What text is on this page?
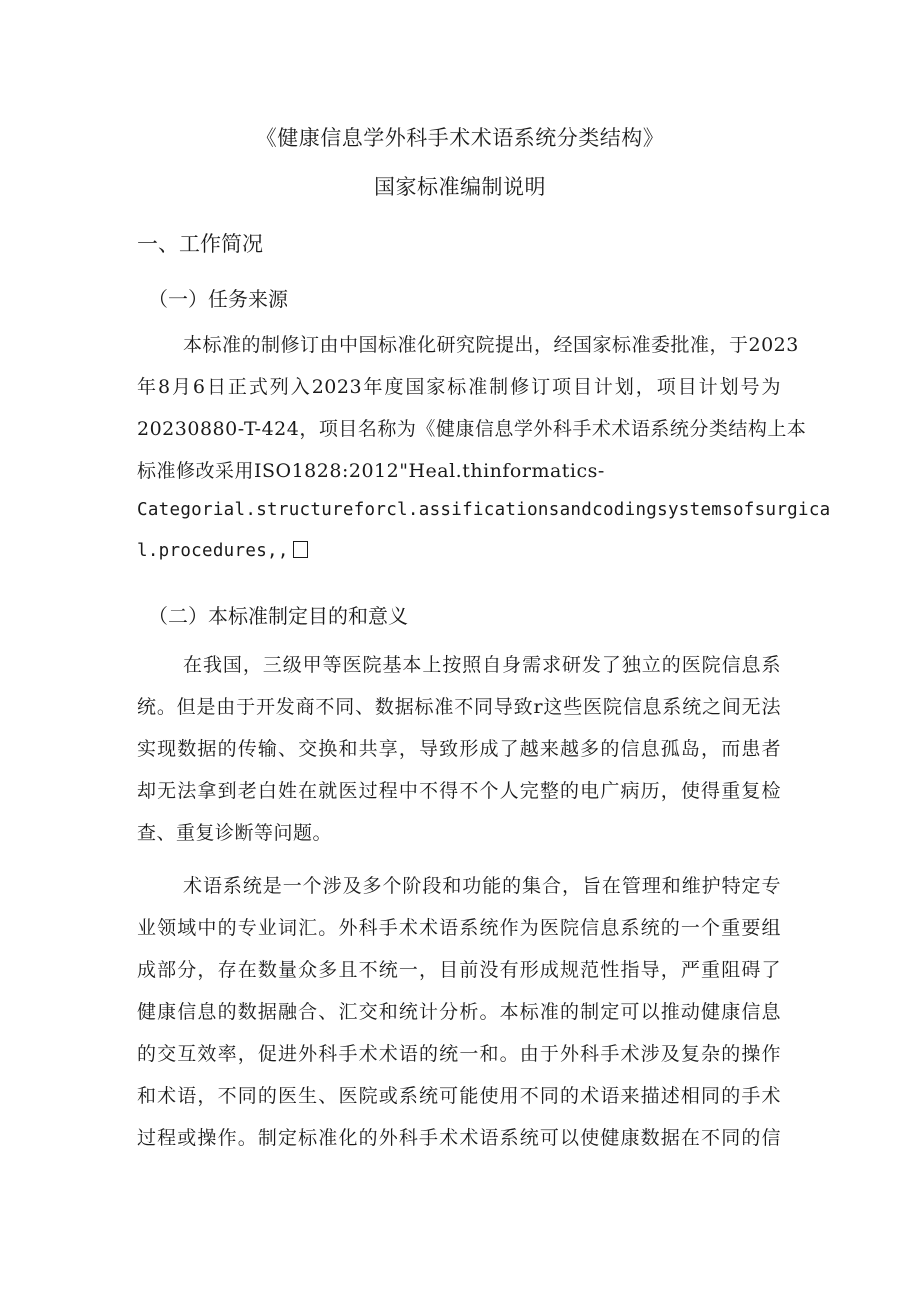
《健康信息学外科手术术语系统分类结构》
国家标准编制说明
一、工作简况
（一）任务来源
本标准的制修订由中国标准化研究院提出，经国家标准委批准，于2023
年8月6日正式列入2023年度国家标准制修订项目计划，项目计划号为
20230880-T-424，项目名称为《健康信息学外科手术术语系统分类结构上本
标准修改采用ISO1828:2012"Heal.thinformatics-
Categorial.structureforcl.assificationsandcodingsystemsofsurgica
l.procedures,,
（二）本标准制定目的和意义
在我国，三级甲等医院基本上按照自身需求研发了独立的医院信息系
统。但是由于开发商不同、数据标准不同导致r这些医院信息系统之间无法
实现数据的传输、交换和共享，导致形成了越来越多的信息孤岛，而患者
却无法拿到老白姓在就医过程中不得不个人完整的电广病历，使得重复检
查、重复诊断等问题。
术语系统是一个涉及多个阶段和功能的集合，旨在管理和维护特定专
业领域中的专业词汇。外科手术术语系统作为医院信息系统的一个重要组
成部分，存在数量众多且不统一，目前没有形成规范性指导，严重阻碍了
健康信息的数据融合、汇交和统计分析。本标准的制定可以推动健康信息
的交互效率，促进外科手术术语的统一和。由于外科手术涉及复杂的操作
和术语，不同的医生、医院或系统可能使用不同的术语来描述相同的手术
过程或操作。制定标准化的外科手术术语系统可以使健康数据在不同的信
